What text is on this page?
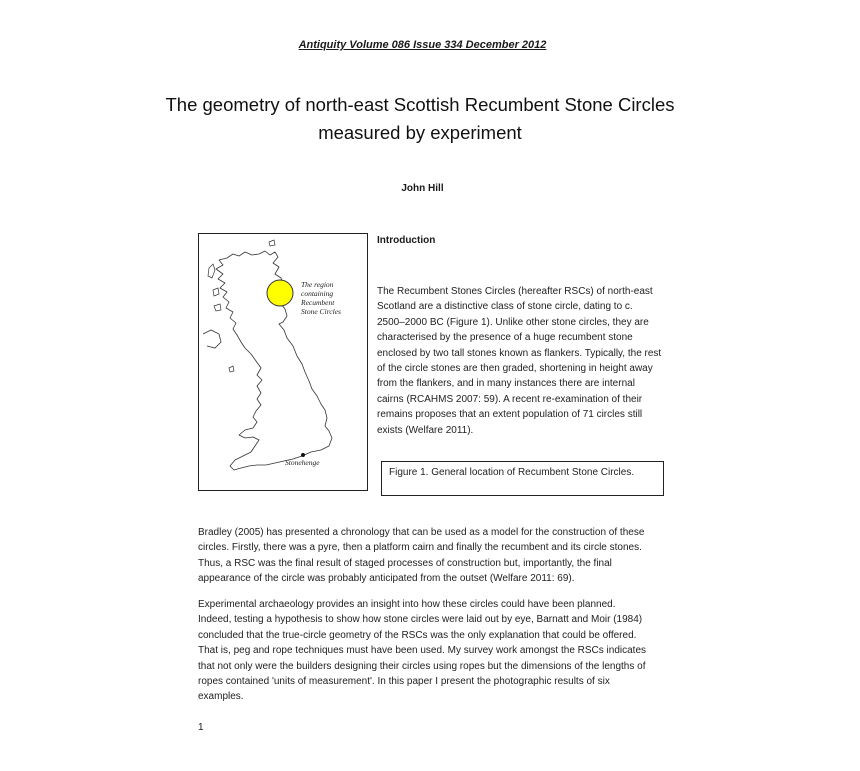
Antiquity Volume 086 Issue 334 December 2012
The geometry of north-east Scottish Recumbent Stone Circles measured by experiment
John Hill
The region
containing
Recumbent
Stone Circles
Stonehenge
Introduction
The Recumbent Stones Circles (hereafter RSCs) of north-east Scotland are a distinctive class of stone circle, dating to c. 2500–2000 BC (Figure 1). Unlike other stone circles, they are characterised by the presence of a huge recumbent stone enclosed by two tall stones known as flankers. Typically, the rest of the circle stones are then graded, shortening in height away from the flankers, and in many instances there are internal cairns (RCAHMS 2007: 59). A recent re-examination of their remains proposes that an extent population of 71 circles still exists (Welfare 2011).
Figure 1. General location of Recumbent Stone Circles.
Bradley (2005) has presented a chronology that can be used as a model for the construction of these circles. Firstly, there was a pyre, then a platform cairn and finally the recumbent and its circle stones. Thus, a RSC was the final result of staged processes of construction but, importantly, the final appearance of the circle was probably anticipated from the outset (Welfare 2011: 69).
Experimental archaeology provides an insight into how these circles could have been planned. Indeed, testing a hypothesis to show how stone circles were laid out by eye, Barnatt and Moir (1984) concluded that the true-circle geometry of the RSCs was the only explanation that could be offered. That is, peg and rope techniques must have been used. My survey work amongst the RSCs indicates that not only were the builders designing their circles using ropes but the dimensions of the lengths of ropes contained 'units of measurement'. In this paper I present the photographic results of six examples.
1
